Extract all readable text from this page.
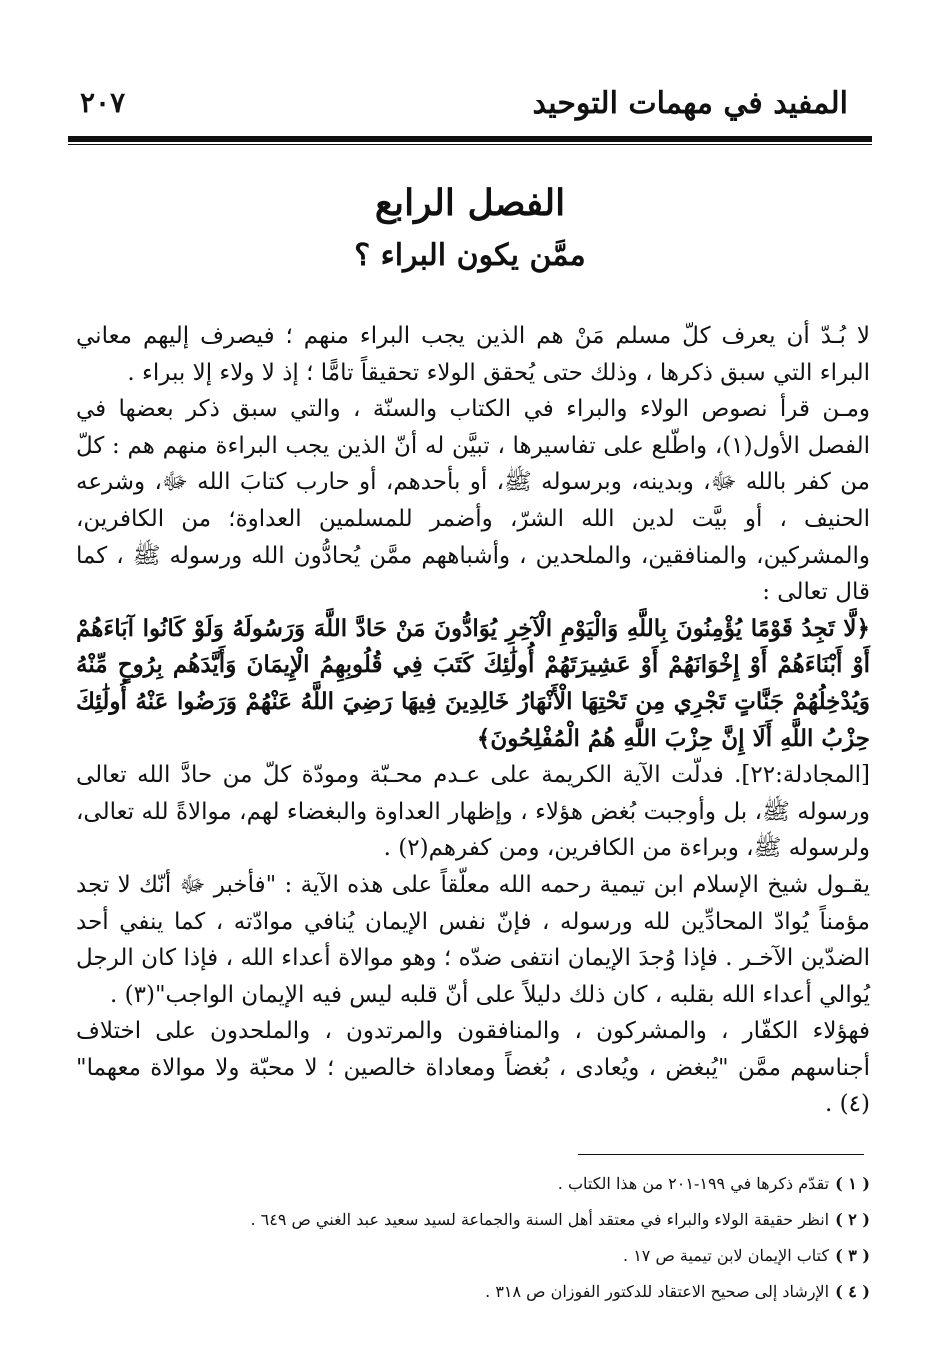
المفيد في مهمات التوحيد
٢٠٧
الفصل الرابع
ممَّن يكون البراء ؟

لا بُـدّ أن يعرف كلّ مسلم مَنْ هم الذين يجب البراء منهم ؛ فيصرف إليهم معاني البراء التي سبق ذكرها ، وذلك حتى يُحقق الولاء تحقيقاً تامًّا ؛ إذ لا ولاء إلا ببراء .

ومـن قرأ نصوص الولاء والبراء في الكتاب والسنّة ، والتي سبق ذكر بعضها في الفصل الأول(١)، واطّلع على تفاسيرها ، تبيَّن له أنّ الذين يجب البراءة منهم هم : كلّ من كفر بالله ﷻ، وبدينه، وبرسوله ﷺ، أو بأحدهم، أو حارب كتابَ الله ﷻ، وشرعه الحنيف ، أو بيَّت لدين الله الشرّ، وأضمر للمسلمين العداوة؛ من الكافرين، والمشركين، والمنافقين، والملحدين ، وأشباههم ممَّن يُحادُّون الله ورسوله ﷺ ، كما قال تعالى :

﴿لَّا تَجِدُ قَوْمًا يُؤْمِنُونَ بِاللَّهِ وَالْيَوْمِ الْآخِرِ يُوَادُّونَ مَنْ حَادَّ اللَّهَ وَرَسُولَهُ وَلَوْ كَانُوا آبَاءَهُمْ أَوْ أَبْنَاءَهُمْ أَوْ إِخْوَانَهُمْ أَوْ عَشِيرَتَهُمْ أُولَٰئِكَ كَتَبَ فِي قُلُوبِهِمُ الْإِيمَانَ وَأَيَّدَهُم بِرُوحٍ مِّنْهُ وَيُدْخِلُهُمْ جَنَّاتٍ تَجْرِي مِن تَحْتِهَا الْأَنْهَارُ خَالِدِينَ فِيهَا رَضِيَ اللَّهُ عَنْهُمْ وَرَضُوا عَنْهُ أُولَٰئِكَ حِزْبُ اللَّهِ أَلَا إِنَّ حِزْبَ اللَّهِ هُمُ الْمُفْلِحُونَ﴾

[المجادلة:٢٢]. فدلّت الآية الكريمة على عـدم محـبّة ومودّة كلّ من حادَّ الله تعالى ورسوله ﷺ، بل وأوجبت بُغض هؤلاء ، وإظهار العداوة والبغضاء لهم، موالاةً لله تعالى، ولرسوله ﷺ، وبراءة من الكافرين، ومن كفرهم(٢) .

يقـول شيخ الإسلام ابن تيمية رحمه الله معلّقاً على هذه الآية : "فأخبر ﷻ أنّك لا تجد مؤمناً يُوادّ المحادِّين لله ورسوله ، فإنّ نفس الإيمان يُنافي موادّته ، كما ينفي أحد الضدّين الآخـر . فإذا وُجدَ الإيمان انتفى ضدّه ؛ وهو موالاة أعداء الله ، فإذا كان الرجل يُوالي أعداء الله بقلبه ، كان ذلك دليلاً على أنّ قلبه ليس فيه الإيمان الواجب"(٣) .

فهؤلاء الكفّار ، والمشركون ، والمنافقون والمرتدون ، والملحدون على اختلاف أجناسهم ممَّن "يُبغض ، ويُعادى ، بُغضاً ومعاداة خالصين ؛ لا محبّة ولا موالاة معهما"(٤) .

( ١ )تقدّم ذكرها في ١٩٩-٢٠١ من هذا الكتاب .

( ٢ )انظر حقيقة الولاء والبراء في معتقد أهل السنة والجماعة لسيد سعيد عبد الغني ص ٦٤٩ .

( ٣ )كتاب الإيمان لابن تيمية ص ١٧ .

( ٤ )الإرشاد إلى صحيح الاعتقاد للدكتور الفوزان ص ٣١٨ .
